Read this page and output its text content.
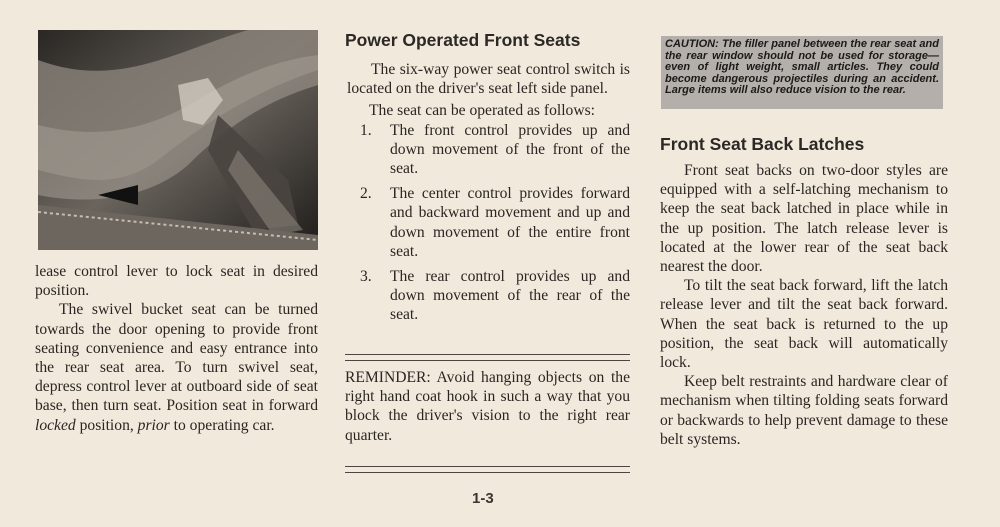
lease control lever to lock seat in desired position.

The swivel bucket seat can be turned towards the door opening to provide front seating convenience and easy entrance into the rear seat area. To turn swivel seat, depress control lever at outboard side of seat base, then turn seat. Position seat in forward locked position, prior to operating car.

Power Operated Front Seats

The six-way power seat control switch is located on the driver's seat left side panel.

The seat can be operated as follows:

1. The front control provides up and down movement of the front of the seat.
2. The center control provides forward and backward movement and up and down movement of the entire front seat.
3. The rear control provides up and down movement of the rear of the seat.

REMINDER: Avoid hanging objects on the right hand coat hook in such a way that you block the driver's vision to the right rear quarter.

CAUTION: The filler panel between the rear seat and the rear window should not be used for storage—even of light weight, small articles. They could become dangerous projectiles during an accident. Large items will also reduce vision to the rear.
Front Seat Back Latches

Front seat backs on two-door styles are equipped with a self-latching mechanism to keep the seat back latched in place while in the up position. The latch release lever is located at the lower rear of the seat back nearest the door.

To tilt the seat back forward, lift the latch release lever and tilt the seat back forward. When the seat back is returned to the up position, the seat back will automatically lock.

Keep belt restraints and hardware clear of mechanism when tilting folding seats forward or backwards to help prevent damage to these belt systems.

1-3
